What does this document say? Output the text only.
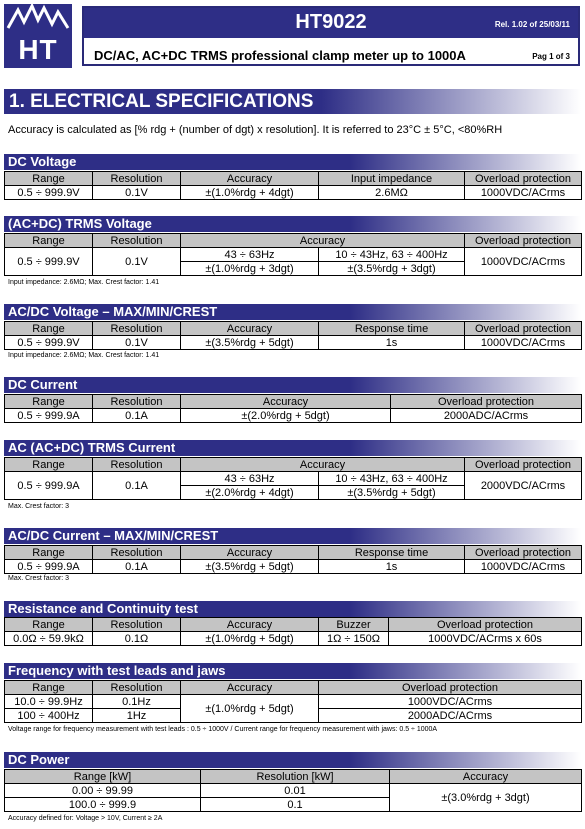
HT
HT9022	Rel. 1.02 of 25/03/11
DC/AC, AC+DC TRMS professional clamp meter up to 1000A	Pag 1 of 3
1. ELECTRICAL SPECIFICATIONS
Accuracy is calculated as [% rdg + (number of dgt) x resolution]. It is referred to 23°C ± 5°C, <80%RH
DC Voltage
Range	Resolution	Accuracy	Input impedance	Overload protection
0.5 ÷ 999.9V	0.1V	±(1.0%rdg + 4dgt)	2.6MΩ	1000VDC/ACrms
(AC+DC) TRMS Voltage
Range	Resolution	Accuracy		Overload protection
0.5 ÷ 999.9V	0.1V	43 ÷ 63Hz	10 ÷ 43Hz, 63 ÷ 400Hz	1000VDC/ACrms
		±(1.0%rdg + 3dgt)	±(3.5%rdg + 3dgt)	
Input impedance: 2.6MΩ; Max. Crest factor: 1.41
AC/DC Voltage – MAX/MIN/CREST
Range	Resolution	Accuracy	Response time	Overload protection
0.5 ÷ 999.9V	0.1V	±(3.5%rdg + 5dgt)	1s	1000VDC/ACrms
Input impedance: 2.6MΩ; Max. Crest factor: 1.41
DC Current
Range	Resolution	Accuracy	Overload protection
0.5 ÷ 999.9A	0.1A	±(2.0%rdg + 5dgt)	2000ADC/ACrms
AC (AC+DC) TRMS Current
Range	Resolution	Accuracy		Overload protection
0.5 ÷ 999.9A	0.1A	43 ÷ 63Hz	10 ÷ 43Hz, 63 ÷ 400Hz	2000VDC/ACrms
		±(2.0%rdg + 4dgt)	±(3.5%rdg + 5dgt)	
Max. Crest factor: 3
AC/DC Current – MAX/MIN/CREST
Range	Resolution	Accuracy	Response time	Overload protection
0.5 ÷ 999.9A	0.1A	±(3.5%rdg + 5dgt)	1s	1000VDC/ACrms
Max. Crest factor: 3
Resistance and Continuity test
Range	Resolution	Accuracy	Buzzer	Overload protection
0.0Ω ÷ 59.9kΩ	0.1Ω	±(1.0%rdg + 5dgt)	1Ω ÷ 150Ω	1000VDC/ACrms x 60s
Frequency with test leads and jaws
Range	Resolution	Accuracy	Overload protection
10.0 ÷ 99.9Hz	0.1Hz	±(1.0%rdg + 5dgt)	1000VDC/ACrms
100 ÷ 400Hz	1Hz		2000ADC/ACrms
Voltage range for frequency measurement with test leads : 0.5 ÷ 1000V / Current range for frequency measurement with jaws: 0.5 ÷ 1000A
DC Power
Range [kW]	Resolution [kW]	Accuracy
0.00 ÷ 99.99	0.01	±(3.0%rdg + 3dgt)
100.0 ÷ 999.9	0.1	
Accuracy defined for: Voltage > 10V, Current ≥ 2A
